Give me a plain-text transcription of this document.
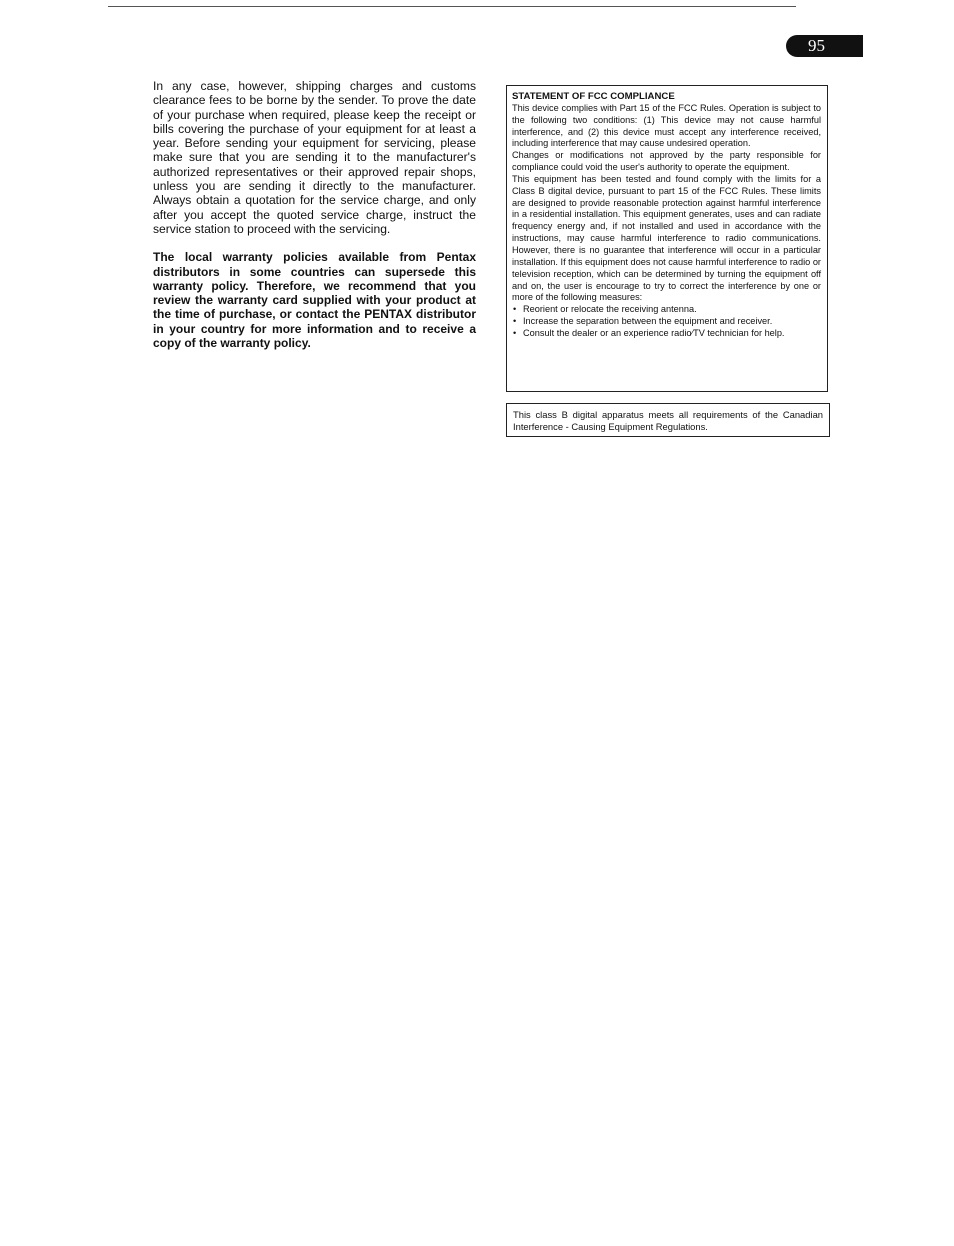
95

In any case, however, shipping charges and customs clearance fees to be borne by the sender. To prove the date of your purchase when required, please keep the receipt or bills covering the purchase of your equipment for at least a year. Before sending your equipment for servicing, please make sure that you are sending it to the manufacturer's authorized representatives or their approved repair shops, unless you are sending it directly to the manufacturer. Always obtain a quotation for the service charge, and only after you accept the quoted service charge, instruct the service station to proceed with the servicing.

The local warranty policies available from Pentax distributors in some countries can supersede this warranty policy. Therefore, we recommend that you review the warranty card supplied with your product at the time of purchase, or contact the PENTAX distributor in your country for more information and to receive a copy of the warranty policy.

STATEMENT OF FCC COMPLIANCE

This device complies with Part 15 of the FCC Rules. Operation is subject to the following two conditions: (1) This device may not cause harmful interference, and (2) this device must accept any interference received, including interference that may cause undesired operation.

Changes or modifications not approved by the party responsible for compliance could void the user's authority to operate the equipment.

This equipment has been tested and found comply with the limits for a Class B digital device, pursuant to part 15 of the FCC Rules. These limits are designed to provide reasonable protection against harmful interference in a residential installation. This equipment generates, uses and can radiate frequency energy and, if not installed and used in accordance with the instructions, may cause harmful interference to radio communications. However, there is no guarantee that interference will occur in a particular installation. If this equipment does not cause harmful interference to radio or television reception, which can be determined by turning the equipment off and on, the user is encourage to try to correct the interference by one or more of the following measures:

• Reorient or relocate the receiving antenna.
• Increase the separation between the equipment and receiver.
• Consult the dealer or an experience radio∕TV technician for help.

This class B digital apparatus meets all requirements of the Canadian Interference - Causing Equipment Regulations.
